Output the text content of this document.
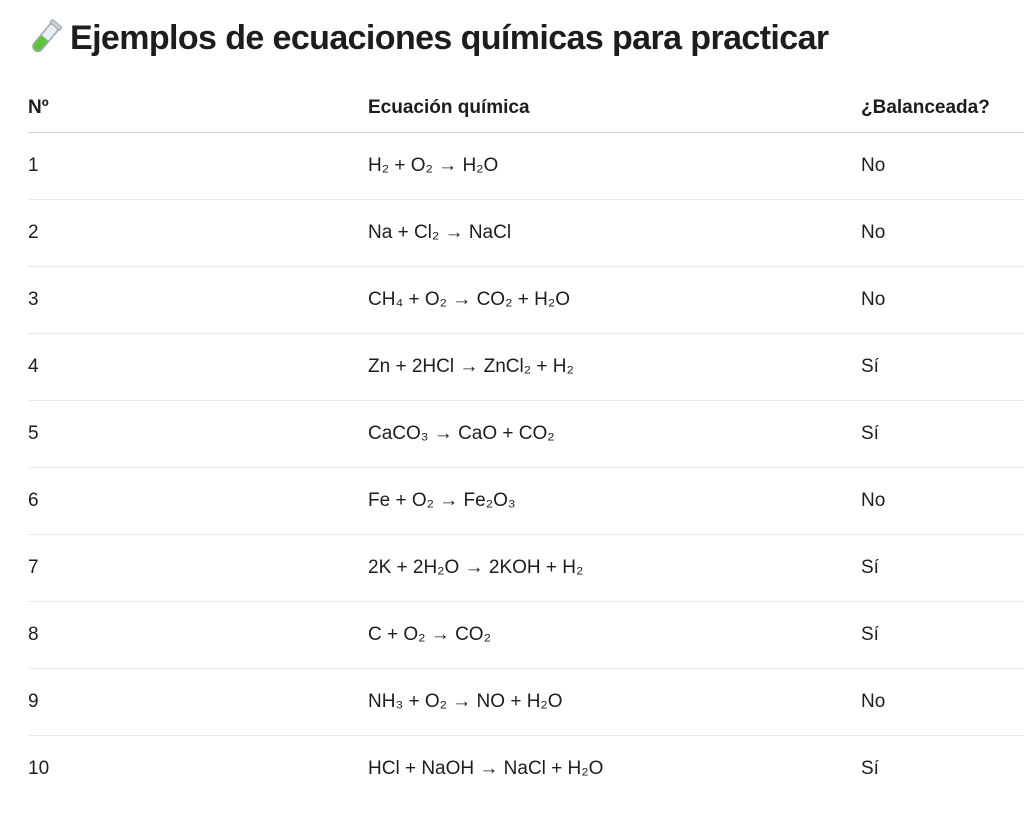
Ejemplos de ecuaciones químicas para practicar
Nº	Ecuación química	¿Balanceada?
1	H₂ + O₂ → H₂O	No
2	Na + Cl₂ → NaCl	No
3	CH₄ + O₂ → CO₂ + H₂O	No
4	Zn + 2HCl → ZnCl₂ + H₂	Sí
5	CaCO₃ → CaO + CO₂	Sí
6	Fe + O₂ → Fe₂O₃	No
7	2K + 2H₂O → 2KOH + H₂	Sí
8	C + O₂ → CO₂	Sí
9	NH₃ + O₂ → NO + H₂O	No
10	HCl + NaOH → NaCl + H₂O	Sí
